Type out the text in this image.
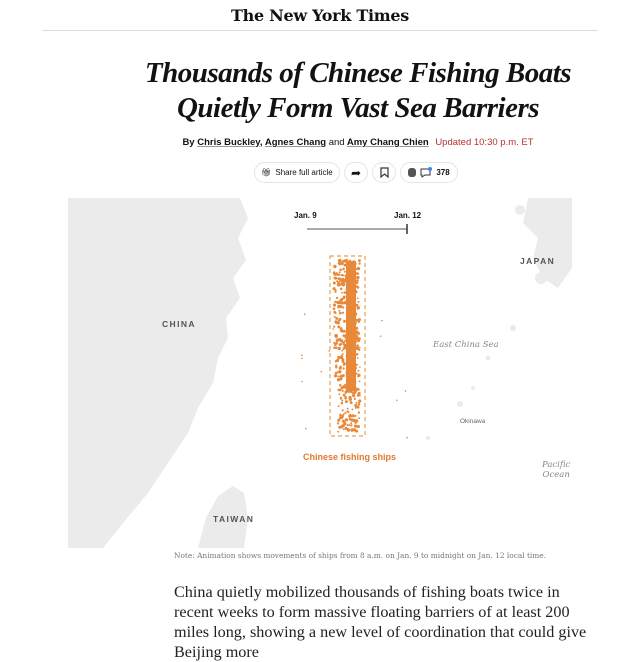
The New York Times
Thousands of Chinese Fishing Boats
Quietly Form Vast Sea Barriers
By Chris Buckley, Agnes Chang and Amy Chang Chien Updated 10:30 p.m. ET
🎁︎ Share full article ➦	378
Jan. 9	Jan. 12
CHINA
JAPAN
TAIWAN
East China Sea
Okinawa
Pacific
Ocean
Chinese fishing ships
Note: Animation shows movements of ships from 8 a.m. on Jan. 9 to midnight on Jan. 12 local time.

China quietly mobilized thousands of fishing boats twice in recent weeks to form massive floating barriers of at least 200 miles long, showing a new level of coordination that could give Beijing more
